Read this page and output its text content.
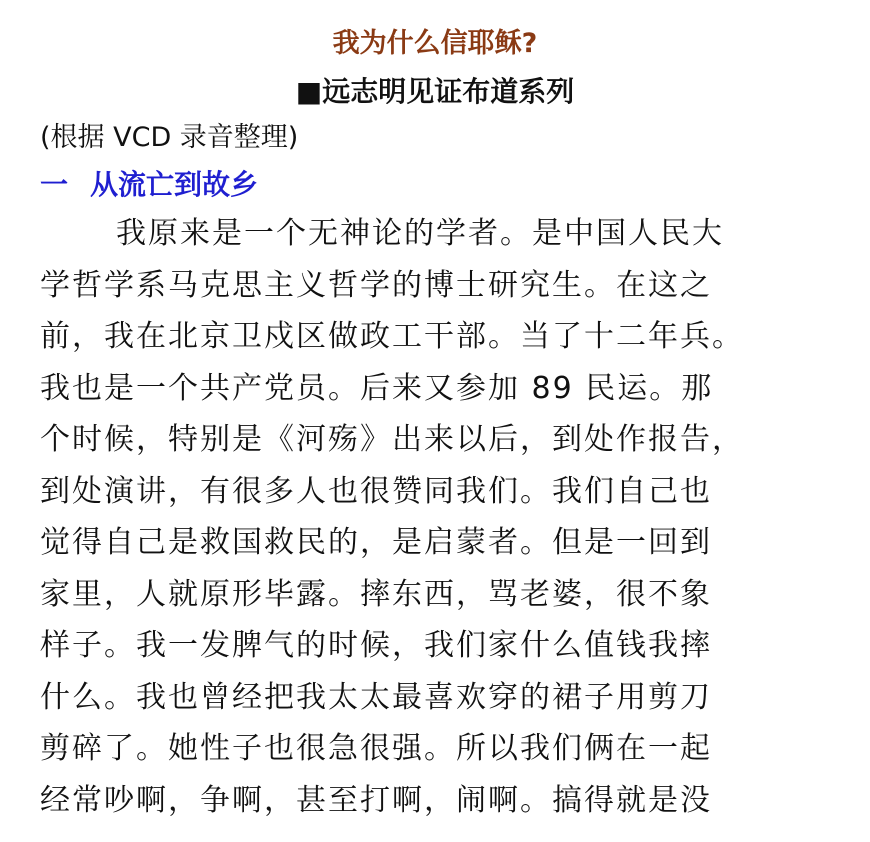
我为什么信耶稣?
■远志明见证布道系列
(根据 VCD 录音整理)
一 从流亡到故乡
我原来是一个无神论的学者。是中国人民大
学哲学系马克思主义哲学的博士研究生。在这之
前，我在北京卫戍区做政工干部。当了十二年兵。
我也是一个共产党员。后来又参加 89 民运。那
个时候，特别是《河殇》出来以后，到处作报告，
到处演讲，有很多人也很赞同我们。我们自己也
觉得自己是救国救民的，是启蒙者。但是一回到
家里，人就原形毕露。摔东西，骂老婆，很不象
样子。我一发脾气的时候，我们家什么值钱我摔
什么。我也曾经把我太太最喜欢穿的裙子用剪刀
剪碎了。她性子也很急很强。所以我们俩在一起
经常吵啊，争啊，甚至打啊，闹啊。搞得就是没
